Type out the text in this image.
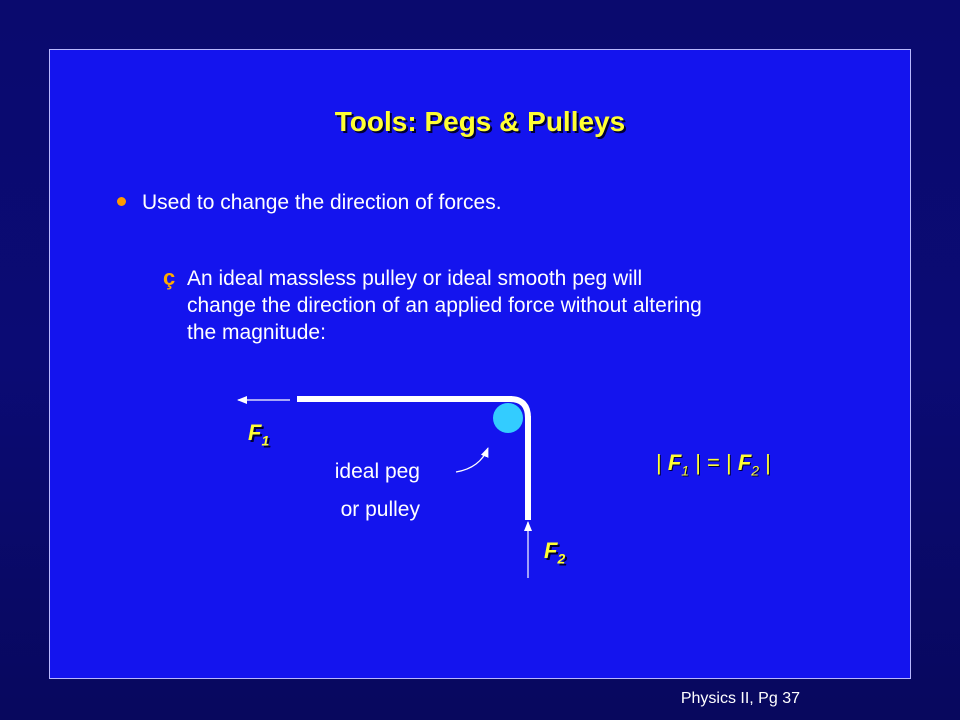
Tools: Pegs & Pulleys
Used to change the direction of forces.
ç An ideal massless pulley or ideal smooth peg will
change the direction of an applied force without altering
the magnitude:
$F_1$
$F_2$
ideal peg
or pulley
| $F_1$ | = | $F_2$ |
Physics II, Pg 37
